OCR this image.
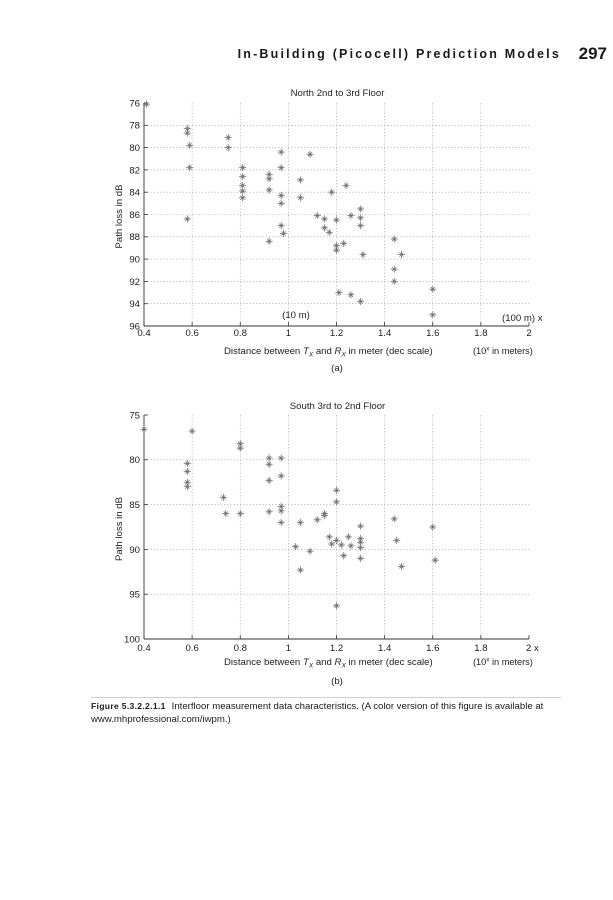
In-Building (Picocell) Prediction Models 297
0.4	0.6	0.8	1	1.2	1.4	1.6	1.8	2
76
78
80
82
84
86
88
90
92
94
96
North 2nd to 3rd Floor
Path loss in dB
Distance between $T_X$ and $R_X$ in meter (dec scale)	(10$^x$ in meters)
(10 m)	(100 m) x
(a)
0.4	0.6	0.8	1	1.2	1.4	1.6	1.8	2 x
75
80
85
90
95
100
South 3rd to 2nd Floor
Path loss in dB
Distance between $T_X$ and $R_X$ in meter (dec scale)	(10$^x$ in meters)
(b)
Figure 5.3.2.2.1.1 Interfloor measurement data characteristics. (A color version of this figure is available at www.mhprofessional.com/iwpm.)
